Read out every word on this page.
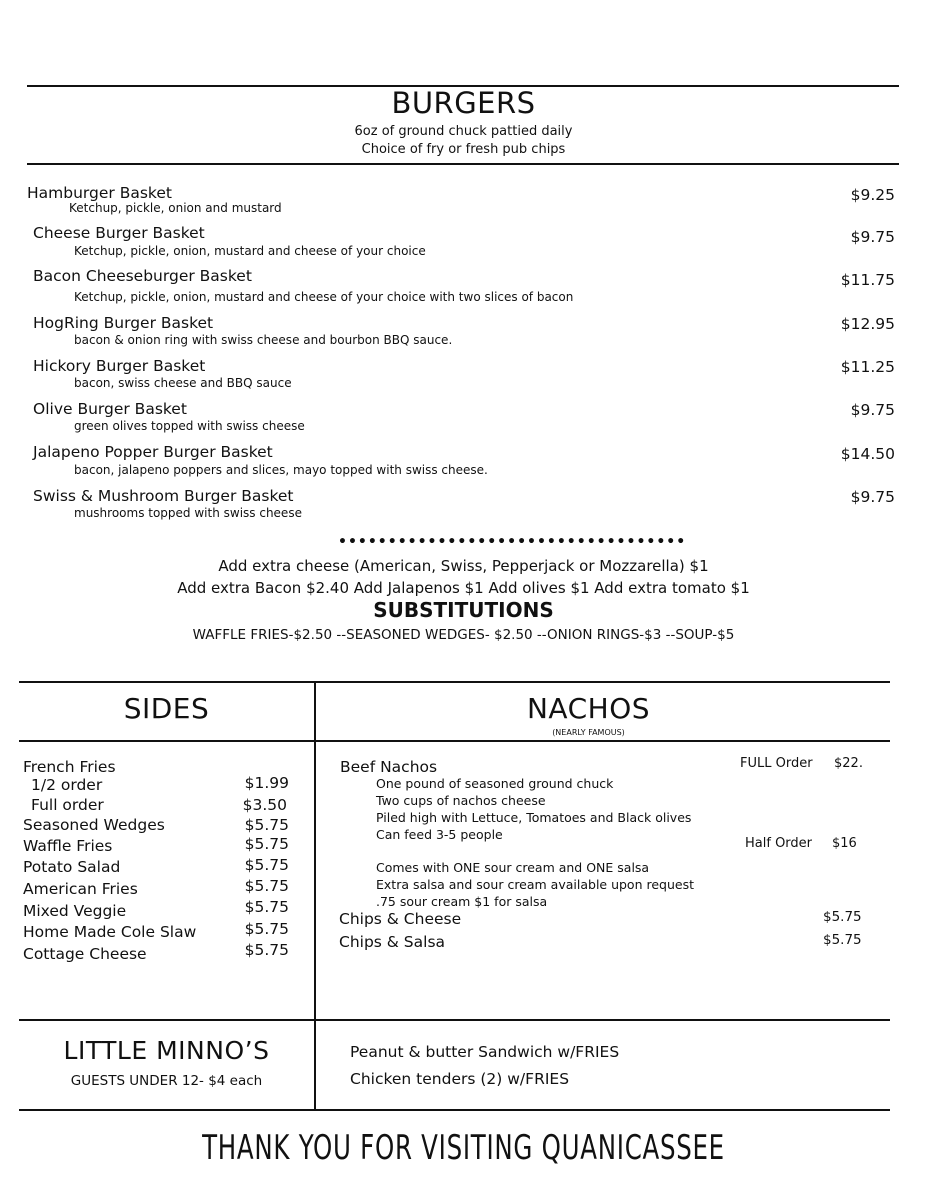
BURGERS
6oz of ground chuck pattied daily
Choice of fry or fresh pub chips
Hamburger Basket
Ketchup, pickle, onion and mustard
$9.25
Cheese Burger Basket
Ketchup, pickle, onion, mustard and cheese of your choice
$9.75
Bacon Cheeseburger Basket
Ketchup, pickle, onion, mustard and cheese of your choice with two slices of bacon
$11.75
HogRing Burger Basket
bacon & onion ring with swiss cheese and bourbon BBQ sauce.
$12.95
Hickory Burger Basket
bacon, swiss cheese and BBQ sauce
$11.25
Olive Burger Basket
green olives topped with swiss cheese
$9.75
Jalapeno Popper Burger Basket
bacon, jalapeno poppers and slices, mayo topped with swiss cheese.
$14.50
Swiss & Mushroom Burger Basket
mushrooms topped with swiss cheese
$9.75
•••••••••••••••••••••••••••••••••••
Add extra cheese (American, Swiss, Pepperjack or Mozzarella) $1
Add extra Bacon $2.40 Add Jalapenos $1 Add olives $1 Add extra tomato $1
SUBSTITUTIONS
WAFFLE FRIES-$2.50 --SEASONED WEDGES- $2.50 --ONION RINGS-$3 --SOUP-$5
SIDES
French Fries
1/2 order	$1.99
Full order	$3.50
Seasoned Wedges	$5.75
Waffle Fries	$5.75
Potato Salad	$5.75
American Fries	$5.75
Mixed Veggie	$5.75
Home Made Cole Slaw	$5.75
Cottage Cheese	$5.75
NACHOS
(NEARLY FAMOUS)
Beef Nachos	FULL Order $22.
Half Order $16
One pound of seasoned ground chuck
Two cups of nachos cheese
Piled high with Lettuce, Tomatoes and Black olives
Can feed 3-5 people
Comes with ONE sour cream and ONE salsa
Extra salsa and sour cream available upon request
.75 sour cream $1 for salsa
Chips & Cheese	$5.75
Chips & Salsa	$5.75
LITTLE MINNO’S
GUESTS UNDER 12- $4 each
Peanut & butter Sandwich w/FRIES
Chicken tenders (2) w/FRIES
THANK YOU FOR VISITING QUANICASSEE
